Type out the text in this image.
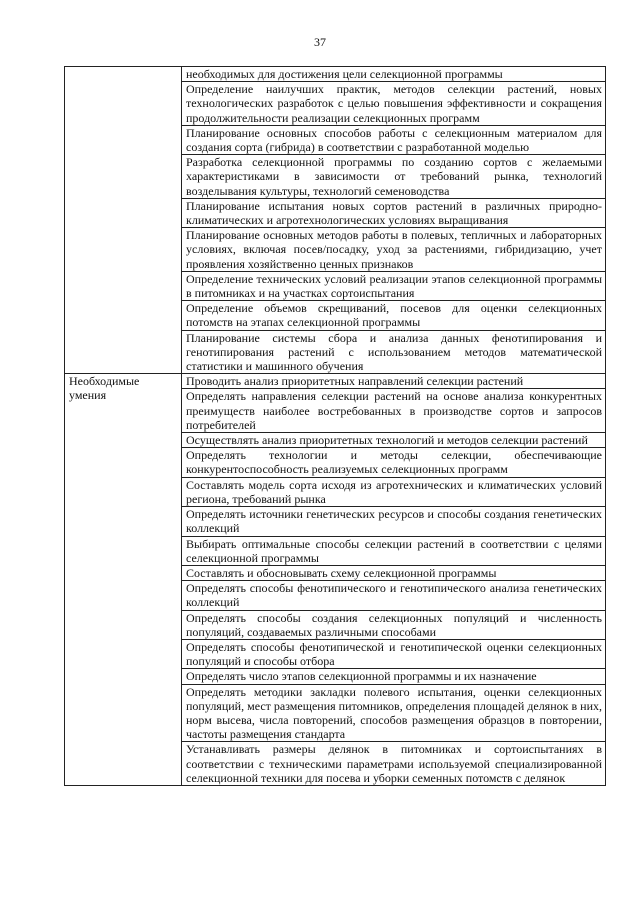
37
	необходимых для достижения цели селекционной программы
	Определение наилучших практик, методов селекции растений, новых технологических разработок с целью повышения эффективности и сокращения продолжительности реализации селекционных программ
	Планирование основных способов работы с селекционным материалом для создания сорта (гибрида) в соответствии с разработанной моделью
	Разработка селекционной программы по созданию сортов с желаемыми характеристиками в зависимости от требований рынка, технологий возделывания культуры, технологий семеноводства
	Планирование испытания новых сортов растений в различных природно-климатических и агротехнологических условиях выращивания
	Планирование основных методов работы в полевых, тепличных и лабораторных условиях, включая посев/посадку, уход за растениями, гибридизацию, учет проявления хозяйственно ценных признаков
	Определение технических условий реализации этапов селекционной программы в питомниках и на участках сортоиспытания
	Определение объемов скрещиваний, посевов для оценки селекционных потомств на этапах селекционной программы
	Планирование системы сбора и анализа данных фенотипирования и генотипирования растений с использованием методов математической статистики и машинного обучения
Необходимые умения	Проводить анализ приоритетных направлений селекции растений
	Определять направления селекции растений на основе анализа конкурентных преимуществ наиболее востребованных в производстве сортов и запросов потребителей
	Осуществлять анализ приоритетных технологий и методов селекции растений
	Определять технологии и методы селекции, обеспечивающие конкурентоспособность реализуемых селекционных программ
	Составлять модель сорта исходя из агротехнических и климатических условий региона, требований рынка
	Определять источники генетических ресурсов и способы создания генетических коллекций
	Выбирать оптимальные способы селекции растений в соответствии с целями селекционной программы
	Составлять и обосновывать схему селекционной программы
	Определять способы фенотипического и генотипического анализа генетических коллекций
	Определять способы создания селекционных популяций и численность популяций, создаваемых различными способами
	Определять способы фенотипической и генотипической оценки селекционных популяций и способы отбора
	Определять число этапов селекционной программы и их назначение
	Определять методики закладки полевого испытания, оценки селекционных популяций, мест размещения питомников, определения площадей делянок в них, норм высева, числа повторений, способов размещения образцов в повторении, частоты размещения стандарта
	Устанавливать размеры делянок в питомниках и сортоиспытаниях в соответствии с техническими параметрами используемой специализированной селекционной техники для посева и уборки семенных потомств с делянок
